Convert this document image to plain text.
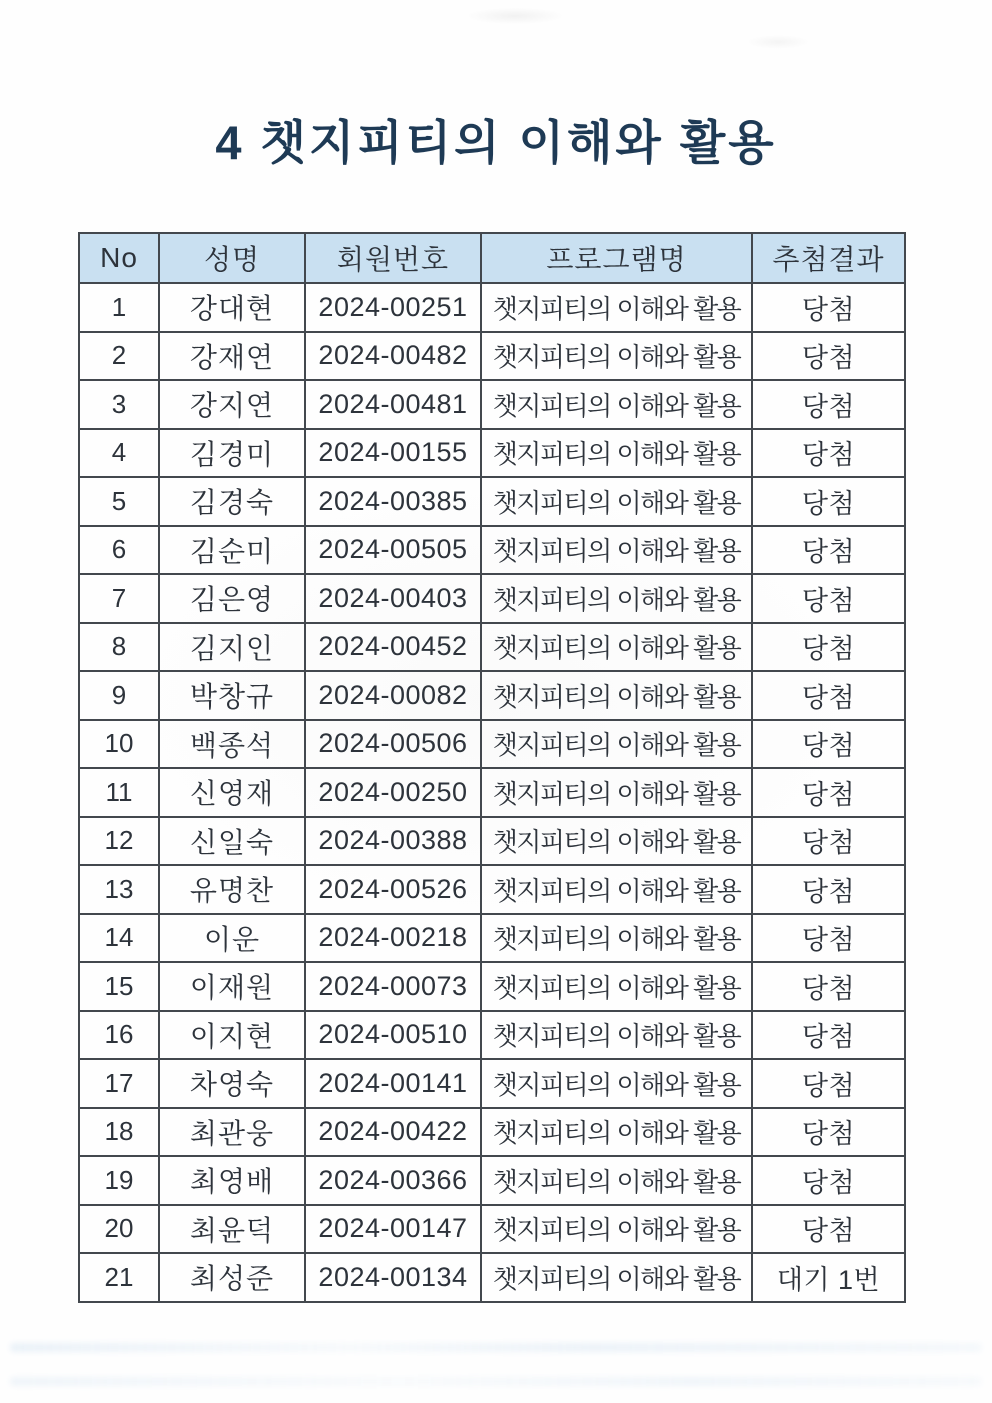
4 챗지피티의 이해와 활용
No	성명	회원번호	프로그램명	추첨결과
1	강대현	2024-00251	챗지피티의 이해와 활용	당첨
2	강재연	2024-00482	챗지피티의 이해와 활용	당첨
3	강지연	2024-00481	챗지피티의 이해와 활용	당첨
4	김경미	2024-00155	챗지피티의 이해와 활용	당첨
5	김경숙	2024-00385	챗지피티의 이해와 활용	당첨
6	김순미	2024-00505	챗지피티의 이해와 활용	당첨
7	김은영	2024-00403	챗지피티의 이해와 활용	당첨
8	김지인	2024-00452	챗지피티의 이해와 활용	당첨
9	박창규	2024-00082	챗지피티의 이해와 활용	당첨
10	백종석	2024-00506	챗지피티의 이해와 활용	당첨
11	신영재	2024-00250	챗지피티의 이해와 활용	당첨
12	신일숙	2024-00388	챗지피티의 이해와 활용	당첨
13	유명찬	2024-00526	챗지피티의 이해와 활용	당첨
14	이운	2024-00218	챗지피티의 이해와 활용	당첨
15	이재원	2024-00073	챗지피티의 이해와 활용	당첨
16	이지현	2024-00510	챗지피티의 이해와 활용	당첨
17	차영숙	2024-00141	챗지피티의 이해와 활용	당첨
18	최관웅	2024-00422	챗지피티의 이해와 활용	당첨
19	최영배	2024-00366	챗지피티의 이해와 활용	당첨
20	최윤덕	2024-00147	챗지피티의 이해와 활용	당첨
21	최성준	2024-00134	챗지피티의 이해와 활용	대기 1번
